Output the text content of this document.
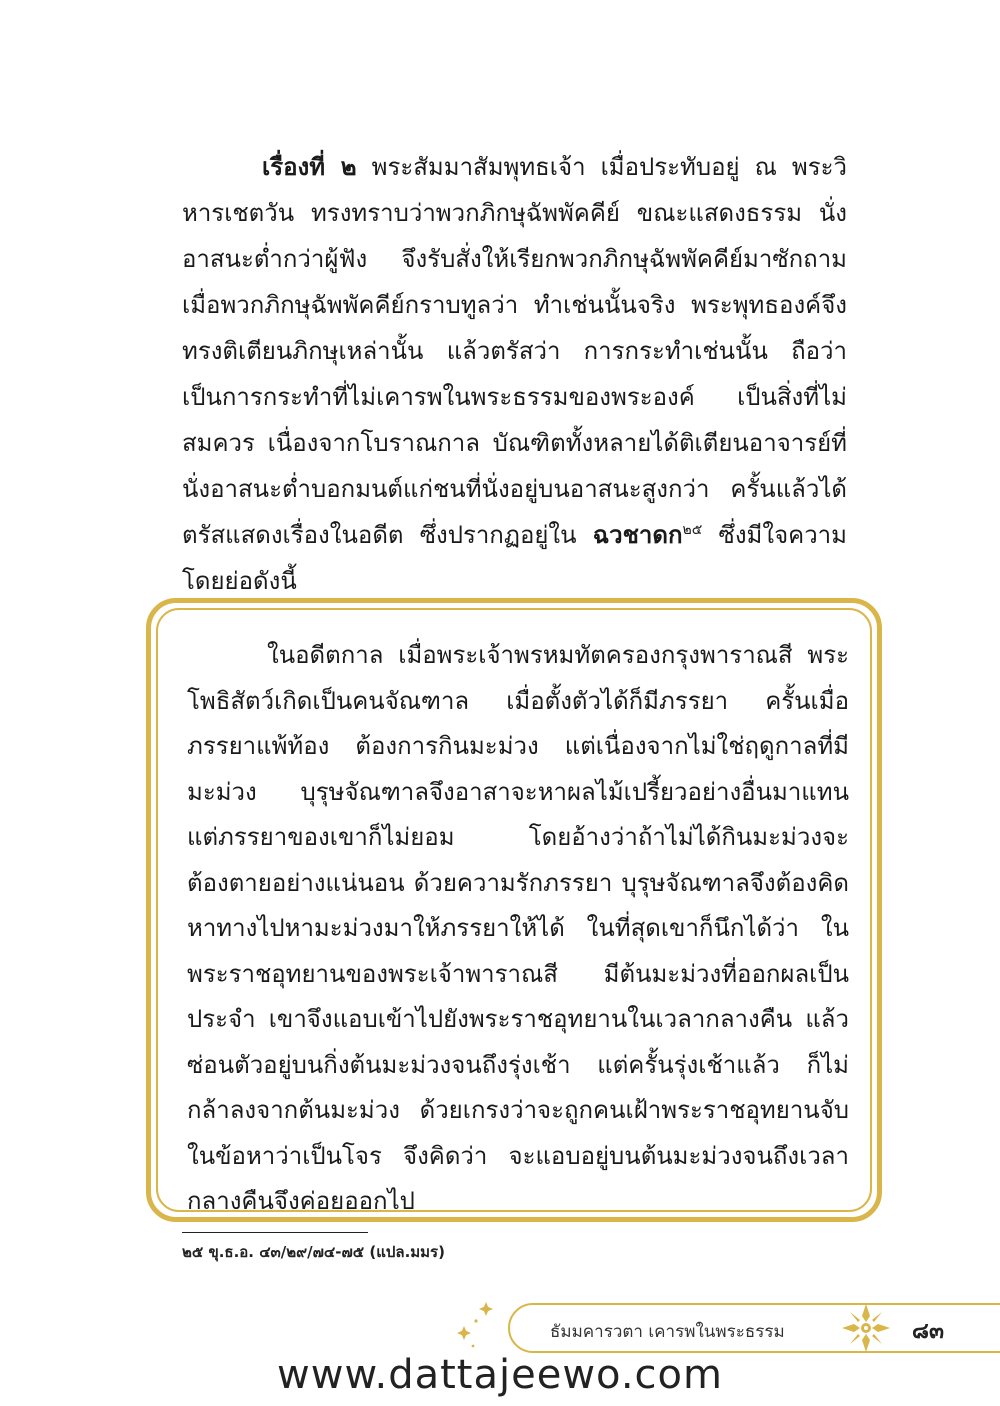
เรื่องที่ ๒ พระสัมมาสัมพุทธเจ้า เมื่อประทับอยู่ ณ พระวิหารเชตวัน ทรงทราบว่าพวกภิกษุฉัพพัคคีย์ ขณะแสดงธรรม นั่งอาสนะต่ำกว่าผู้ฟัง จึงรับสั่งให้เรียกพวกภิกษุฉัพพัคคีย์มาซักถาม เมื่อพวกภิกษุฉัพพัคคีย์กราบทูลว่า ทำเช่นนั้นจริง พระพุทธองค์จึงทรงติเตียนภิกษุเหล่านั้น แล้วตรัสว่า การกระทำเช่นนั้น ถือว่าเป็นการกระทำที่ไม่เคารพในพระธรรมของพระองค์ เป็นสิ่งที่ไม่สมควร เนื่องจากโบราณกาล บัณฑิตทั้งหลายได้ติเตียนอาจารย์ที่นั่งอาสนะต่ำบอกมนต์แก่ชนที่นั่งอยู่บนอาสนะสูงกว่า ครั้นแล้วได้ตรัสแสดงเรื่องในอดีต ซึ่งปรากฏอยู่ใน ฉวชาดก$^{๒๕}$ ซึ่งมีใจความโดยย่อดังนี้

ในอดีตกาล เมื่อพระเจ้าพรหมทัตครองกรุงพาราณสี พระโพธิสัตว์เกิดเป็นคนจัณฑาล เมื่อตั้งตัวได้ก็มีภรรยา ครั้นเมื่อภรรยาแพ้ท้อง ต้องการกินมะม่วง แต่เนื่องจากไม่ใช่ฤดูกาลที่มีมะม่วง บุรุษจัณฑาลจึงอาสาจะหาผลไม้เปรี้ยวอย่างอื่นมาแทน แต่ภรรยาของเขาก็ไม่ยอม โดยอ้างว่าถ้าไม่ได้กินมะม่วงจะต้องตายอย่างแน่นอน ด้วยความรักภรรยา บุรุษจัณฑาลจึงต้องคิดหาทางไปหามะม่วงมาให้ภรรยาให้ได้ ในที่สุดเขาก็นึกได้ว่า ในพระราชอุทยานของพระเจ้าพาราณสี มีต้นมะม่วงที่ออกผลเป็นประจำ เขาจึงแอบเข้าไปยังพระราชอุทยานในเวลากลางคืน แล้วซ่อนตัวอยู่บนกิ่งต้นมะม่วงจนถึงรุ่งเช้า แต่ครั้นรุ่งเช้าแล้ว ก็ไม่กล้าลงจากต้นมะม่วง ด้วยเกรงว่าจะถูกคนเฝ้าพระราชอุทยานจับในข้อหาว่าเป็นโจร จึงคิดว่า จะแอบอยู่บนต้นมะม่วงจนถึงเวลากลางคืนจึงค่อยออกไป

๒๕ ขุ.ธ.อ. ๔๓/๒๙/๗๔-๗๕ (แปล.มมร)
ธัมมคารวตา เคารพในพระธรรม	๘๓
www.dattajeewo.com
